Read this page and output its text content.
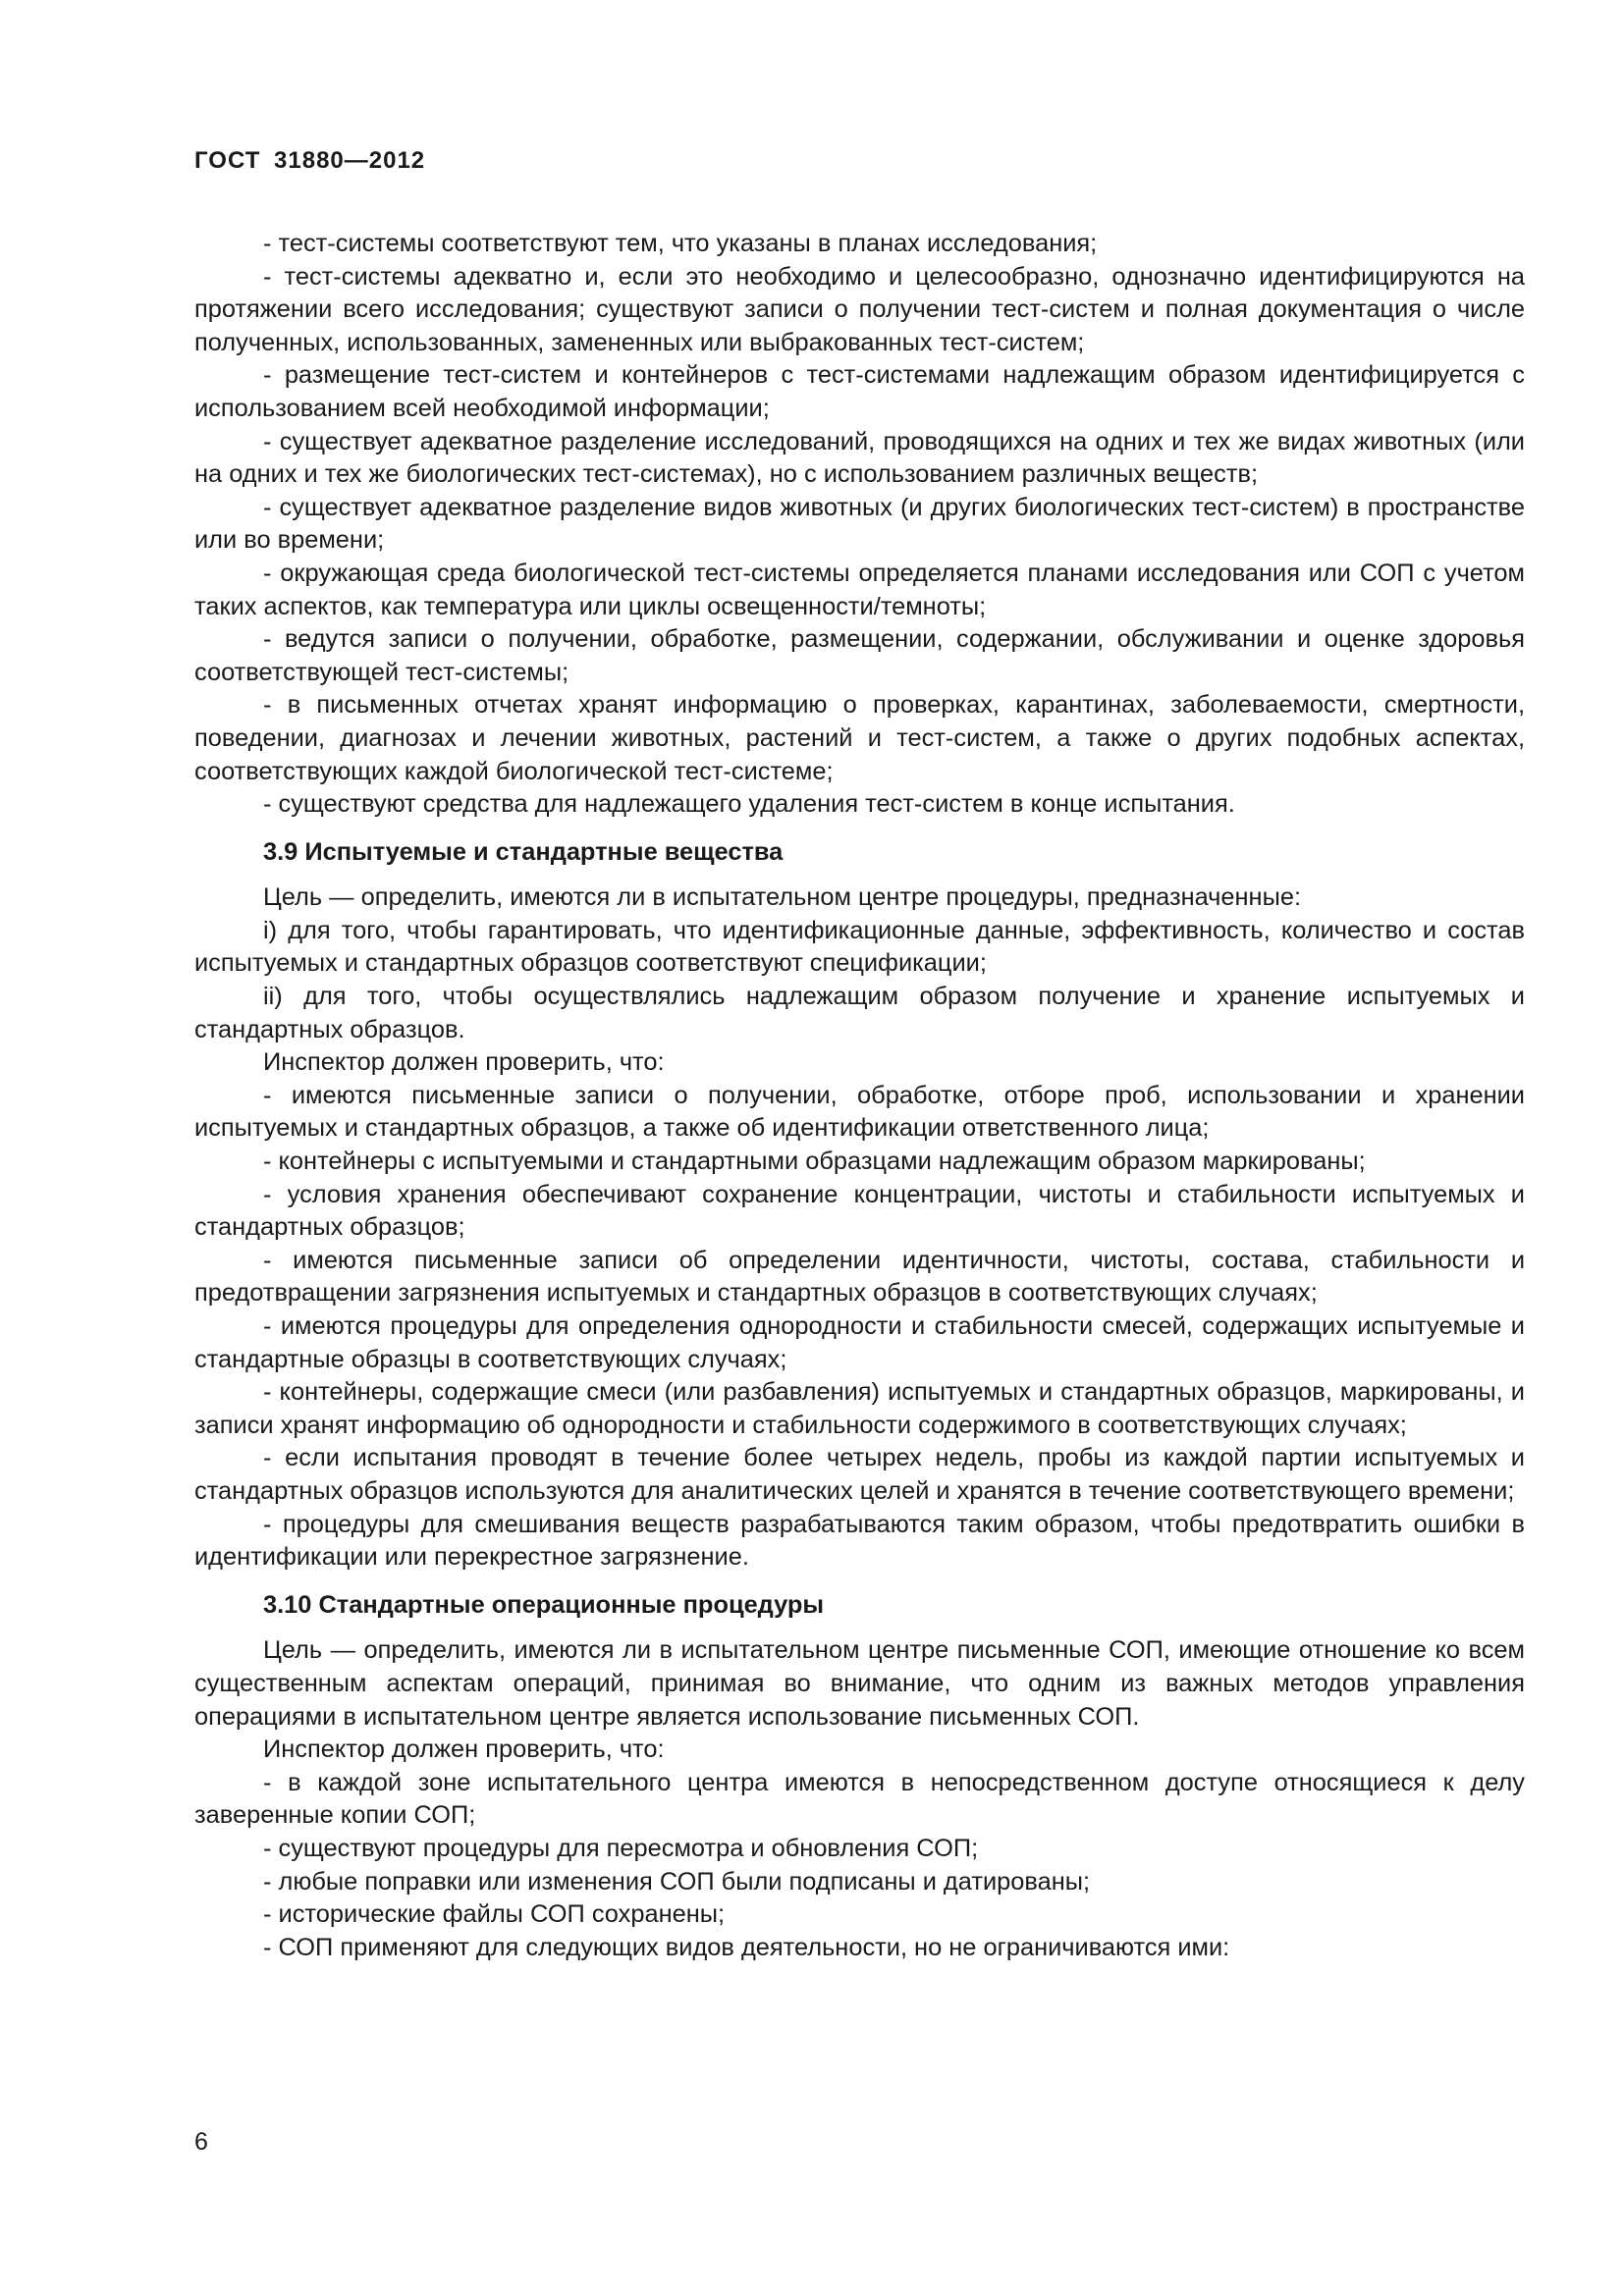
ГОСТ 31880—2012

- тест-системы соответствуют тем, что указаны в планах исследования;

- тест-системы адекватно и, если это необходимо и целесообразно, однозначно идентифицируются на протяжении всего исследования; существуют записи о получении тест-систем и полная документация о числе полученных, использованных, замененных или выбракованных тест-систем;

- размещение тест-систем и контейнеров с тест-системами надлежащим образом идентифицируется с использованием всей необходимой информации;

- существует адекватное разделение исследований, проводящихся на одних и тех же видах животных (или на одних и тех же биологических тест-системах), но с использованием различных веществ;

- существует адекватное разделение видов животных (и других биологических тест-систем) в пространстве или во времени;

- окружающая среда биологической тест-системы определяется планами исследования или СОП с учетом таких аспектов, как температура или циклы освещенности/темноты;

- ведутся записи о получении, обработке, размещении, содержании, обслуживании и оценке здоровья соответствующей тест-системы;

- в письменных отчетах хранят информацию о проверках, карантинах, заболеваемости, смертности, поведении, диагнозах и лечении животных, растений и тест-систем, а также о других подобных аспектах, соответствующих каждой биологической тест-системе;

- существуют средства для надлежащего удаления тест-систем в конце испытания.

3.9 Испытуемые и стандартные вещества

Цель — определить, имеются ли в испытательном центре процедуры, предназначенные:

i) для того, чтобы гарантировать, что идентификационные данные, эффективность, количество и состав испытуемых и стандартных образцов соответствуют спецификации;

ii) для того, чтобы осуществлялись надлежащим образом получение и хранение испытуемых и стандартных образцов.

Инспектор должен проверить, что:

- имеются письменные записи о получении, обработке, отборе проб, использовании и хранении испытуемых и стандартных образцов, а также об идентификации ответственного лица;

- контейнеры с испытуемыми и стандартными образцами надлежащим образом маркированы;

- условия хранения обеспечивают сохранение концентрации, чистоты и стабильности испытуемых и стандартных образцов;

- имеются письменные записи об определении идентичности, чистоты, состава, стабильности и предотвращении загрязнения испытуемых и стандартных образцов в соответствующих случаях;

- имеются процедуры для определения однородности и стабильности смесей, содержащих испытуемые и стандартные образцы в соответствующих случаях;

- контейнеры, содержащие смеси (или разбавления) испытуемых и стандартных образцов, маркированы, и записи хранят информацию об однородности и стабильности содержимого в соответствующих случаях;

- если испытания проводят в течение более четырех недель, пробы из каждой партии испытуемых и стандартных образцов используются для аналитических целей и хранятся в течение соответствующего времени;

- процедуры для смешивания веществ разрабатываются таким образом, чтобы предотвратить ошибки в идентификации или перекрестное загрязнение.

3.10 Стандартные операционные процедуры

Цель — определить, имеются ли в испытательном центре письменные СОП, имеющие отношение ко всем существенным аспектам операций, принимая во внимание, что одним из важных методов управления операциями в испытательном центре является использование письменных СОП.

Инспектор должен проверить, что:

- в каждой зоне испытательного центра имеются в непосредственном доступе относящиеся к делу заверенные копии СОП;

- существуют процедуры для пересмотра и обновления СОП;

- любые поправки или изменения СОП были подписаны и датированы;

- исторические файлы СОП сохранены;

- СОП применяют для следующих видов деятельности, но не ограничиваются ими:

6
